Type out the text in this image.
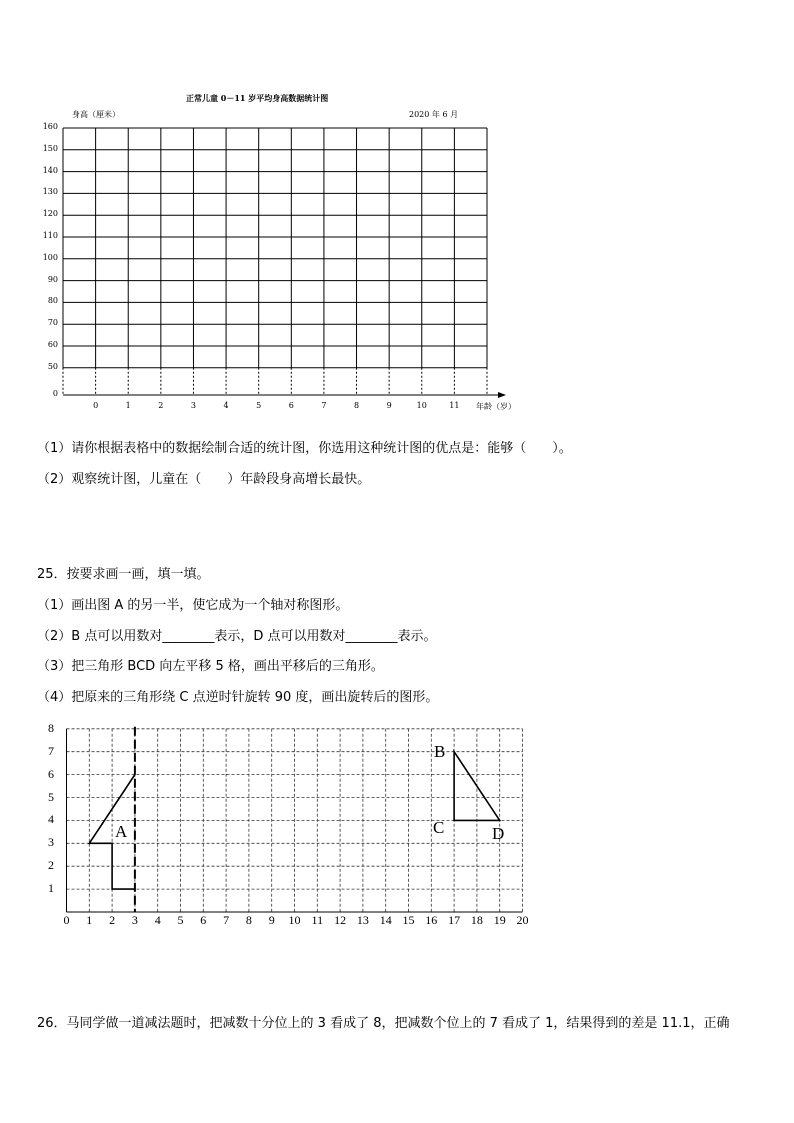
正常儿童 0－11 岁平均身高数据统计图
身高（厘米）	2020 年 6 月
年龄（岁）
160
150
140
130
120
110
100
90
80
70
60
50
0
0	1	2	3	4	5	6	7	8	9	10	11
（1）请你根据表格中的数据绘制合适的统计图，你选用这种统计图的优点是：能够（　　）。
（2）观察统计图，儿童在（　　）年龄段身高增长最快。
25．按要求画一画，填一填。
（1）画出图 A 的另一半，使它成为一个轴对称图形。
（2）B 点可以用数对________表示，D 点可以用数对________表示。
（3）把三角形 BCD 向左平移 5 格，画出平移后的三角形。
（4）把原来的三角形绕 C 点逆时针旋转 90 度，画出旋转后的图形。
8
7
6
5
4
3
2
1
0	1	2	3	4	5	6	7	8	9	10 11 12 13 14 15 16 17 18 19 20
A
B
C	D
26．马同学做一道减法题时，把减数十分位上的 3 看成了 8，把减数个位上的 7 看成了 1，结果得到的差是 11.1，正确
